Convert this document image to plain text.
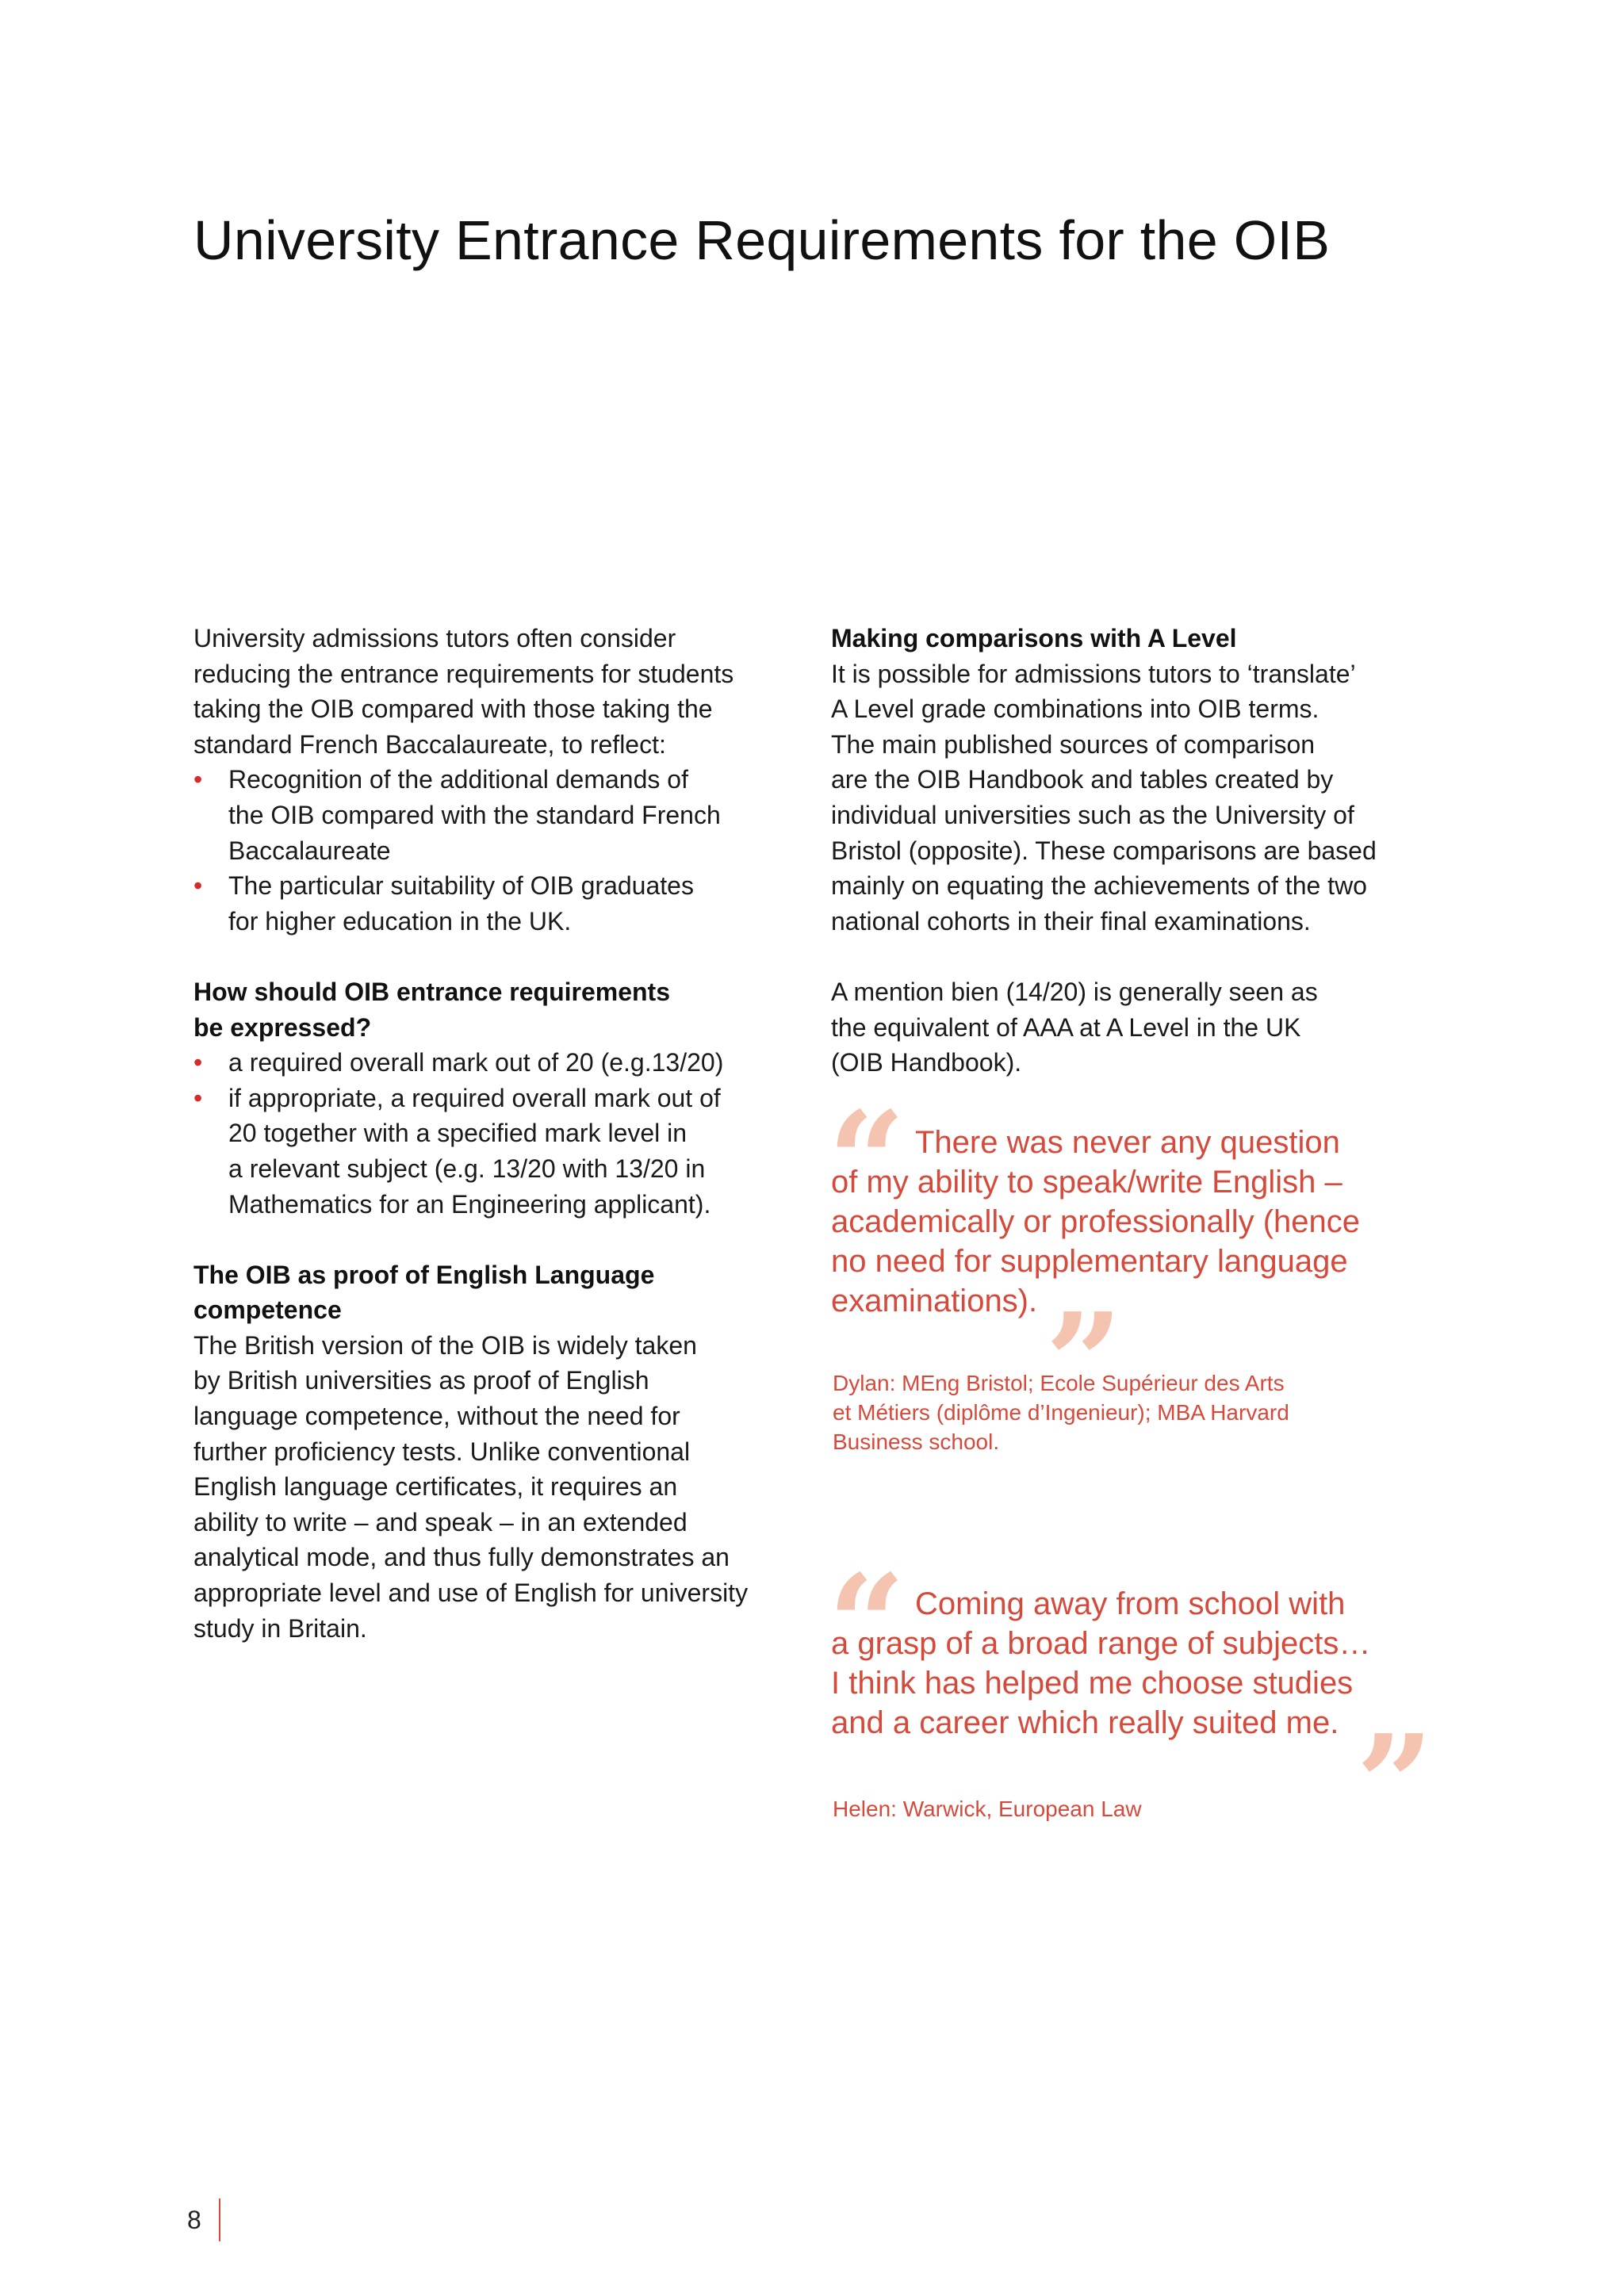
University Entrance Requirements for the OIB

University admissions tutors often consider
reducing the entrance requirements for students
taking the OIB compared with those taking the
standard French Baccalaureate, to reflect:

• Recognition of the additional demands of
the OIB compared with the standard French
Baccalaureate
• The particular suitability of OIB graduates
for higher education in the UK.
How should OIB entrance requirements
be expressed?
• a required overall mark out of 20 (e.g.13/20)
• if appropriate, a required overall mark out of
20 together with a specified mark level in
a relevant subject (e.g. 13/20 with 13/20 in
Mathematics for an Engineering applicant).
The OIB as proof of English Language
competence

The British version of the OIB is widely taken
by British universities as proof of English
language competence, without the need for
further proficiency tests. Unlike conventional
English language certificates, it requires an
ability to write – and speak – in an extended
analytical mode, and thus fully demonstrates an
appropriate level and use of English for university
study in Britain.

Making comparisons with A Level

It is possible for admissions tutors to ‘translate’
A Level grade combinations into OIB terms.
The main published sources of comparison
are the OIB Handbook and tables created by
individual universities such as the University of
Bristol (opposite). These comparisons are based
mainly on equating the achievements of the two
national cohorts in their final examinations.

A mention bien (14/20) is generally seen as
the equivalent of AAA at A Level in the UK
(OIB Handbook).

“ There was never any question
of my ability to speak/write English –
academically or professionally (hence
no need for supplementary language
examinations). ”

Dylan: MEng Bristol; Ecole Supérieur des Arts
et Métiers (diplôme d’Ingenieur); MBA Harvard
Business school.

“ Coming away from school with
a grasp of a broad range of subjects…
I think has helped me choose studies
and a career which really suited me. ”

Helen: Warwick, European Law

8
